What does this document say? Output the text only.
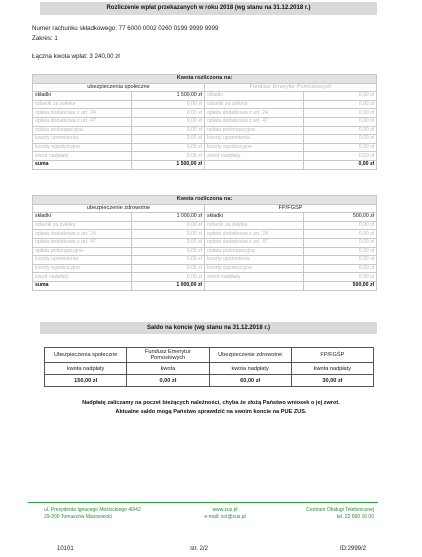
Rozliczenie wpłat przekazanych w roku 2018 (wg stanu na 31.12.2018 r.)
Numer rachunku składkowego: 77 6000 0002 0260 0199 9999 9999
Zakres: 1
Łączna kwota wpłat: 3 240,00 zł
Kwota rozliczona na:			
ubezpieczenia społeczne		Fundusz Emerytur Pomostowych	
składki	1 500,00 zł	składki	0,00 zł
odsetki za zwłokę	0,00 zł	odsetki za zwłokę	0,00 zł
opłata dodatkowa z art. 24	0,00 zł	opłata dodatkowa z art. 24	0,00 zł
opłata dodatkowa z art. 47	0,00 zł	opłata dodatkowa z art. 47	0,00 zł
opłata prolongacyjna	0,00 zł	opłata prolongacyjna	0,00 zł
koszty upomnienia	0,00 zł	koszty upomnienia	0,00 zł
koszty egzekucyjne	0,00 zł	koszty egzekucyjne	0,00 zł
zwrot nadpłaty	0,00 zł	zwrot nadpłaty	0,00 zł
suma	1 500,00 zł		0,00 zł
Kwota rozliczona na:			
ubezpieczenie zdrowotne		FP/FGŚP	
składki	1 000,00 zł	składki	500,00 zł
odsetki za zwłokę	0,00 zł	odsetki za zwłokę	0,00 zł
opłata dodatkowa z art. 24	0,00 zł	opłata dodatkowa z art. 24	0,00 zł
opłata dodatkowa z art. 47	0,00 zł	opłata dodatkowa z art. 47	0,00 zł
opłata prolongacyjna	0,00 zł	opłata prolongacyjna	0,00 zł
koszty upomnienia	0,00 zł	koszty upomnienia	0,00 zł
koszty egzekucyjne	0,00 zł	koszty egzekucyjne	0,00 zł
zwrot nadpłaty	0,00 zł	zwrot nadpłaty	0,00 zł
suma	1 000,00 zł		500,00 zł
Saldo na koncie (wg stanu na 31.12.2018 r.)
Ubezpieczenia społeczne	Fundusz Emerytur Pomostowych	Ubezpieczenie zdrowotne	FP/FGŚP
kwota nadpłaty	kwota	kwota nadpłaty	kwota nadpłaty
150,00 zł	0,00 zł	60,00 zł	30,00 zł
Nadpłatę zaliczamy na poczet bieżących należności, chyba że złożą Państwo wniosek o jej zwrot.
Aktualne saldo mogą Państwo sprawdzić na swoim koncie na PUE ZUS.
ul. Prezydenta Ignacego Mościckiego 40/42
29-200 Tomaszów Mazowiecki
www.zus.pl
e-mail: cot@zus.pl
Centrum Obsługi Telefonicznej
tel. 22 560 16 00
10101	str. 2/2	ID:2999/2
